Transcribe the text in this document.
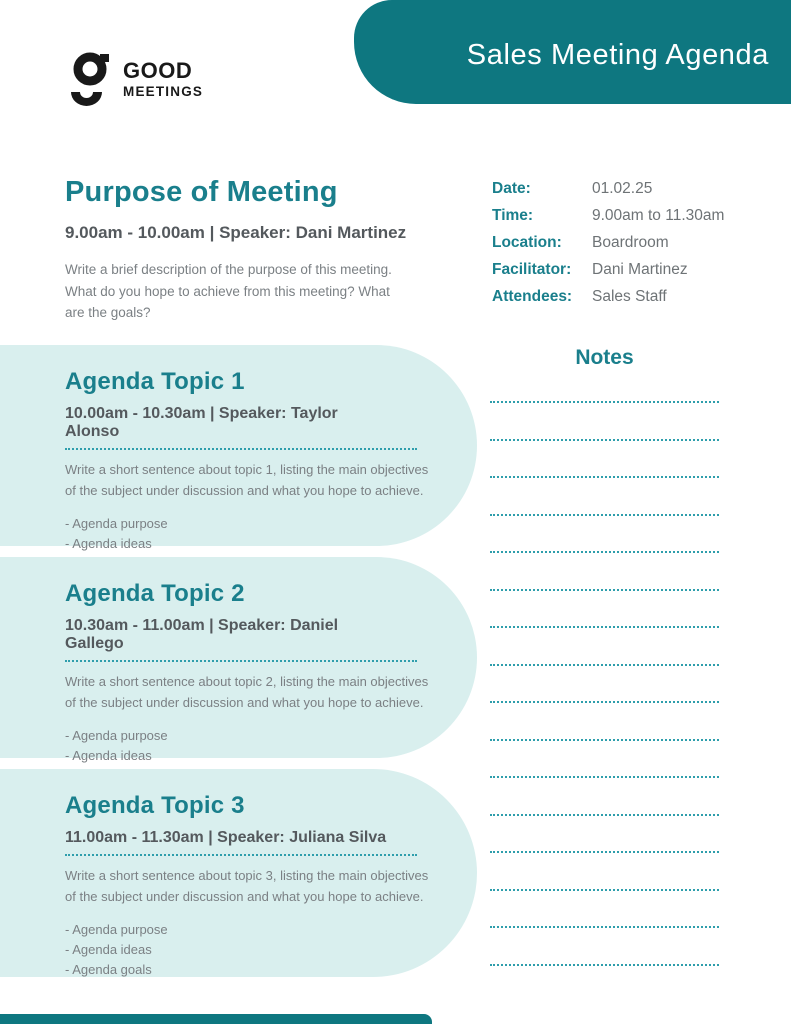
Sales Meeting Agenda
GOOD
MEETINGS
Purpose of Meeting
9.00am - 10.00am | Speaker: Dani Martinez
Write a brief description of the purpose of this meeting. What do you hope to achieve from this meeting? What are the goals?
Date:	01.02.25
Time:	9.00am to 11.30am
Location:	Boardroom
Facilitator:	Dani Martinez
Attendees:	Sales Staff
Notes
Agenda Topic 1
10.00am - 10.30am | Speaker: Taylor Alonso
Write a short sentence about topic 1, listing the main objectives of the subject under discussion and what you hope to achieve.
- Agenda purpose
- Agenda ideas
Agenda Topic 2
10.30am - 11.00am | Speaker: Daniel Gallego
Write a short sentence about topic 2, listing the main objectives of the subject under discussion and what you hope to achieve.
- Agenda purpose
- Agenda ideas
Agenda Topic 3
11.00am - 11.30am | Speaker: Juliana Silva
Write a short sentence about topic 3, listing the main objectives of the subject under discussion and what you hope to achieve.
- Agenda purpose
- Agenda ideas
- Agenda goals
